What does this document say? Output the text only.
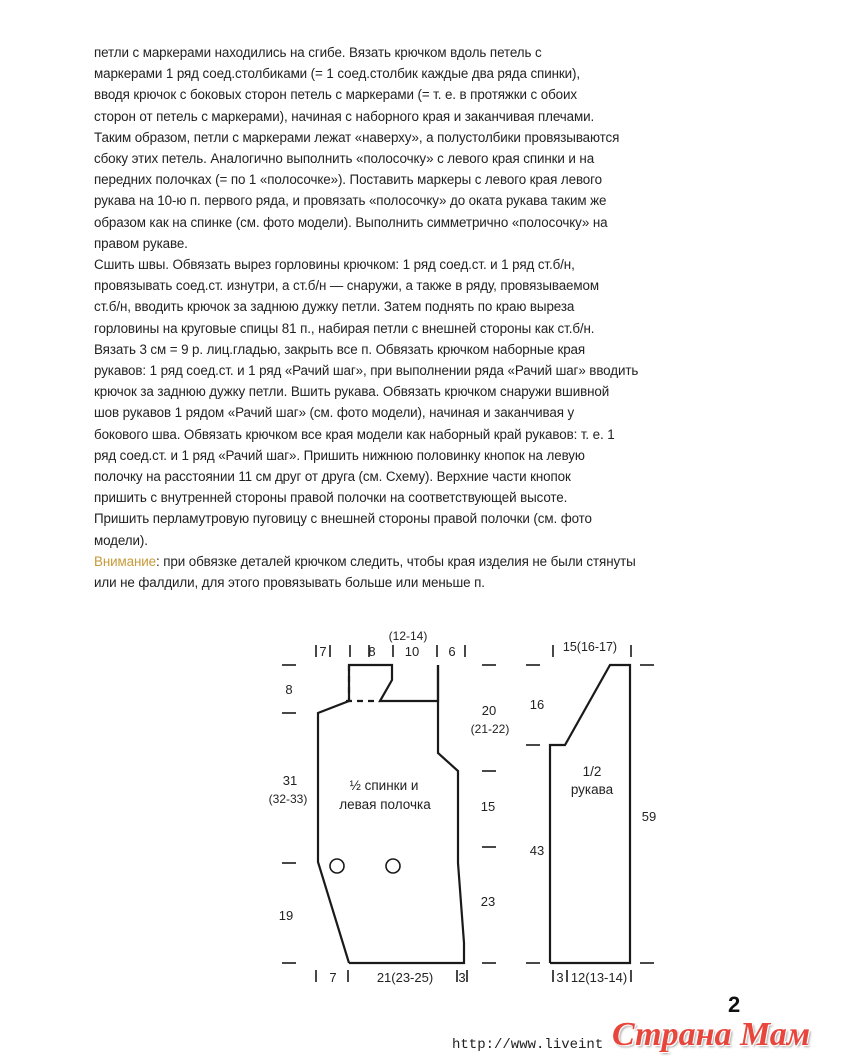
петли с маркерами находились на сгибе. Вязать крючком вдоль петель с
маркерами 1 ряд соед.столбиками (= 1 соед.столбик каждые два ряда спинки),
вводя крючок с боковых сторон петель с маркерами (= т. е. в протяжки с обоих
сторон от петель с маркерами), начиная с наборного края и заканчивая плечами.
Таким образом, петли с маркерами лежат «наверху», а полустолбики провязываются
сбоку этих петель. Аналогично выполнить «полосочку» с левого края спинки и на
передних полочках (= по 1 «полосочке»). Поставить маркеры с левого края левого
рукава на 10-ю п. первого ряда, и провязать «полосочку» до оката рукава таким же
образом как на спинке (см. фото модели). Выполнить симметрично «полосочку» на
правом рукаве.
Сшить швы. Обвязать вырез горловины крючком: 1 ряд соед.ст. и 1 ряд ст.б/н,
провязывать соед.ст. изнутри, а ст.б/н — снаружи, а также в ряду, провязываемом
ст.б/н, вводить крючок за заднюю дужку петли. Затем поднять по краю выреза
горловины на круговые спицы 81 п., набирая петли с внешней стороны как ст.б/н.
Вязать 3 см = 9 р. лиц.гладью, закрыть все п. Обвязать крючком наборные края
рукавов: 1 ряд соед.ст. и 1 ряд «Рачий шаг», при выполнении ряда «Рачий шаг» вводить
крючок за заднюю дужку петли. Вшить рукава. Обвязать крючком снаружи вшивной
шов рукавов 1 рядом «Рачий шаг» (см. фото модели), начиная и заканчивая у
бокового шва. Обвязать крючком все края модели как наборный край рукавов: т. е. 1
ряд соед.ст. и 1 ряд «Рачий шаг». Пришить нижнюю половинку кнопок на левую
полочку на расстоянии 11 см друг от друга (см. Схему). Верхние части кнопок
пришить с внутренней стороны правой полочки на соответствующей высоте.
Пришить перламутровую пуговицу с внешней стороны правой полочки (см. фото
модели).
Внимание: при обвязке деталей крючком следить, чтобы края изделия не были стянуты
или не фалдили, для этого провязывать больше или меньше п.
(12-14)
7	8 10 6
8
31
(32-33)
19
20
(21-22)
15
23
½ спинки и
левая полочка
7	21(23-25) 3
15(16-17)
16
43
59
1/2
рукава
3 12(13-14)
2
http://www.liveint Страна Мам
